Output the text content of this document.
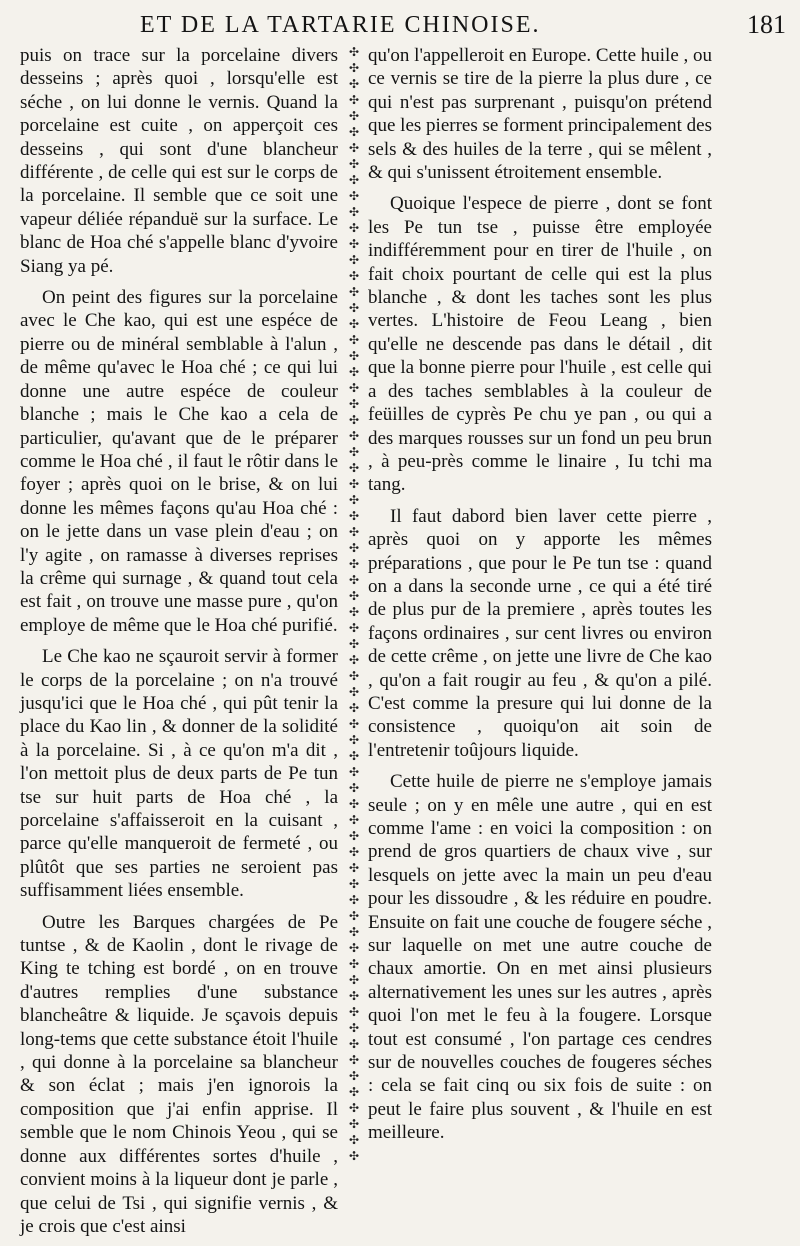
ET DE LA TARTARIE CHINOISE.	181

puis on trace sur la porcelaine divers desseins ; après quoi , lorsqu'elle est séche , on lui donne le vernis. Quand la porcelaine est cuite , on apperçoit ces desseins , qui sont d'une blancheur différente , de celle qui est sur le corps de la porcelaine. Il semble que ce soit une vapeur déliée répanduë sur la surface. Le blanc de Hoa ché s'appelle blanc d'yvoire Siang ya pé.

On peint des figures sur la porcelaine avec le Che kao, qui est une espéce de pierre ou de minéral semblable à l'alun , de même qu'avec le Hoa ché ; ce qui lui donne une autre espéce de couleur blanche ; mais le Che kao a cela de particulier, qu'avant que de le préparer comme le Hoa ché , il faut le rôtir dans le foyer ; après quoi on le brise, & on lui donne les mêmes façons qu'au Hoa ché : on le jette dans un vase plein d'eau ; on l'y agite , on ramasse à diverses reprises la crême qui surnage , & quand tout cela est fait , on trouve une masse pure , qu'on employe de même que le Hoa ché purifié.

Le Che kao ne sçauroit servir à former le corps de la porcelaine ; on n'a trouvé jusqu'ici que le Hoa ché , qui pût tenir la place du Kao lin , & donner de la solidité à la porcelaine. Si , à ce qu'on m'a dit , l'on mettoit plus de deux parts de Pe tun tse sur huit parts de Hoa ché , la porcelaine s'affaisseroit en la cuisant , parce qu'elle manqueroit de fermeté , ou plûtôt que ses parties ne seroient pas suffisamment liées ensemble.

Outre les Barques chargées de Pe tuntse , & de Kaolin , dont le rivage de King te tching est bordé , on en trouve d'autres remplies d'une substance blancheâtre & liquide. Je sçavois depuis long-tems que cette substance étoit l'huile , qui donne à la porcelaine sa blancheur & son éclat ; mais j'en ignorois la composition que j'ai enfin apprise. Il semble que le nom Chinois Yeou , qui se donne aux différentes sortes d'huile , convient moins à la liqueur dont je parle , que celui de Tsi , qui signifie vernis , & je crois que c'est ainsi

✣
✣
✣
✣
✣
✣
✣
✣
✣
✣
✣
✣
✣
✣
✣
✣
✣
✣
✣
✣
✣
✣
✣
✣
✣
✣
✣
✣
✣
✣
✣
✣
✣
✣
✣
✣
✣
✣
✣
✣
✣
✣
✣
✣
✣
✣
✣
✣
✣
✣
✣
✣
✣
✣
✣
✣
✣
✣
✣
✣
✣
✣
✣
✣
✣
✣
✣
✣
✣
✣

qu'on l'appelleroit en Europe. Cette huile , ou ce vernis se tire de la pierre la plus dure , ce qui n'est pas surprenant , puisqu'on prétend que les pierres se forment principalement des sels & des huiles de la terre , qui se mêlent , & qui s'unissent étroitement ensemble.

Quoique l'espece de pierre , dont se font les Pe tun tse , puisse être employée indifféremment pour en tirer de l'huile , on fait choix pourtant de celle qui est la plus blanche , & dont les taches sont les plus vertes. L'histoire de Feou Leang , bien qu'elle ne descende pas dans le détail , dit que la bonne pierre pour l'huile , est celle qui a des taches semblables à la couleur de feüilles de cyprès Pe chu ye pan , ou qui a des marques rousses sur un fond un peu brun , à peu-près comme le linaire , Iu tchi ma tang.

Il faut dabord bien laver cette pierre , après quoi on y apporte les mêmes préparations , que pour le Pe tun tse : quand on a dans la seconde urne , ce qui a été tiré de plus pur de la premiere , après toutes les façons ordinaires , sur cent livres ou environ de cette crême , on jette une livre de Che kao , qu'on a fait rougir au feu , & qu'on a pilé. C'est comme la presure qui lui donne de la consistence , quoiqu'on ait soin de l'entretenir toûjours liquide.

Cette huile de pierre ne s'employe jamais seule ; on y en mêle une autre , qui en est comme l'ame : en voici la composition : on prend de gros quartiers de chaux vive , sur lesquels on jette avec la main un peu d'eau pour les dissoudre , & les réduire en poudre. Ensuite on fait une couche de fougere séche , sur laquelle on met une autre couche de chaux amortie. On en met ainsi plusieurs alternativement les unes sur les autres , après quoi l'on met le feu à la fougere. Lorsque tout est consumé , l'on partage ces cendres sur de nouvelles couches de fougeres séches : cela se fait cinq ou six fois de suite : on peut le faire plus souvent , & l'huile en est meilleure.
